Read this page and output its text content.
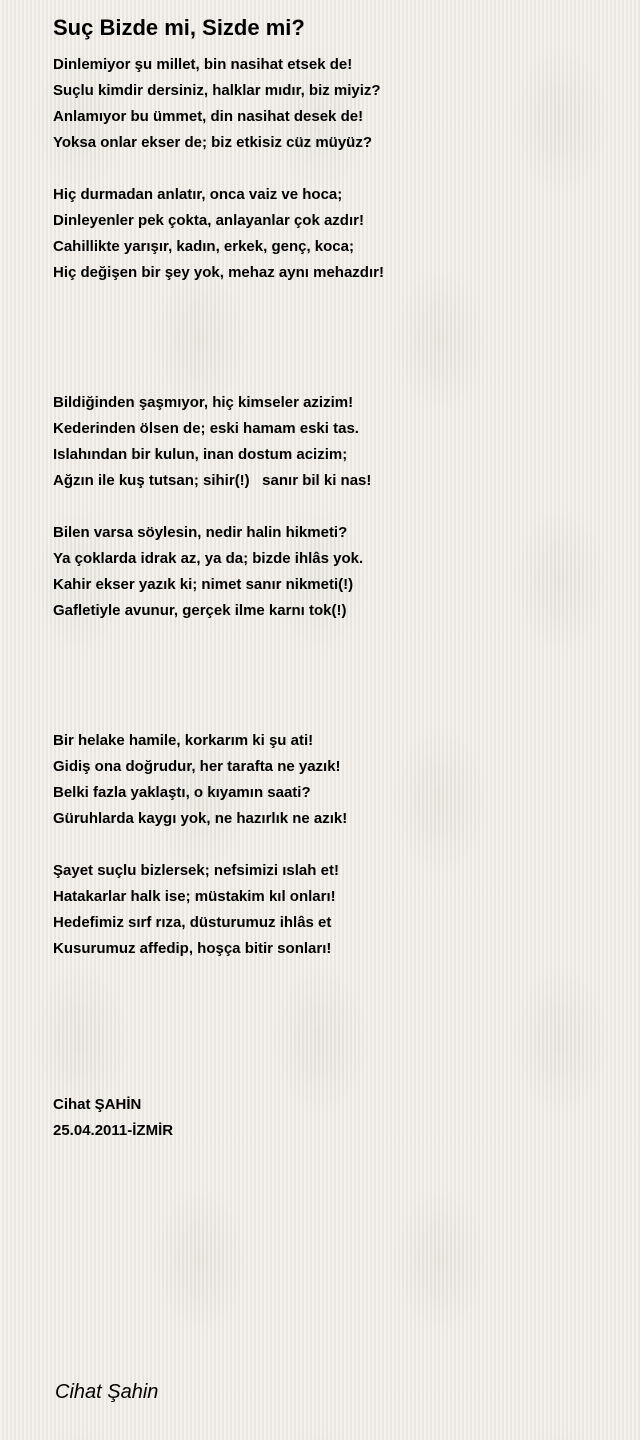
Suç Bizde mi, Sizde mi?
Dinlemiyor şu millet, bin nasihat etsek de!
Suçlu kimdir dersiniz, halklar mıdır, biz miyiz?
Anlamıyor bu ümmet, din nasihat desek de!
Yoksa onlar ekser de; biz etkisiz cüz müyüz?
Hiç durmadan anlatır, onca vaiz ve hoca;
Dinleyenler pek çokta, anlayanlar çok azdır!
Cahillikte yarışır, kadın, erkek, genç, koca;
Hiç değişen bir şey yok, mehaz aynı mehazdır!
Bildiğinden şaşmıyor, hiç kimseler azizim!
Kederinden ölsen de; eski hamam eski tas.
Islahından bir kulun, inan dostum acizim;
Ağzın ile kuş tutsan; sihir(!)   sanır bil ki nas!
Bilen varsa söylesin, nedir halin hikmeti?
Ya çoklarda idrak az, ya da; bizde ihlâs yok.
Kahir ekser yazık ki; nimet sanır nikmeti(!)
Gafletiyle avunur, gerçek ilme karnı tok(!)
Bir helake hamile, korkarım ki şu ati!
Gidiş ona doğrudur, her tarafta ne yazık!
Belki fazla yaklaştı, o kıyamın saati?
Güruhlarda kaygı yok, ne hazırlık ne azık!
Şayet suçlu bizlersek; nefsimizi ıslah et!
Hatakarlar halk ise; müstakim kıl onları!
Hedefimiz sırf rıza, düsturumuz ihlâs et
Kusurumuz affedip, hoşça bitir sonları!
Cihat ŞAHİN
25.04.2011-İZMİR
Cihat Şahin
